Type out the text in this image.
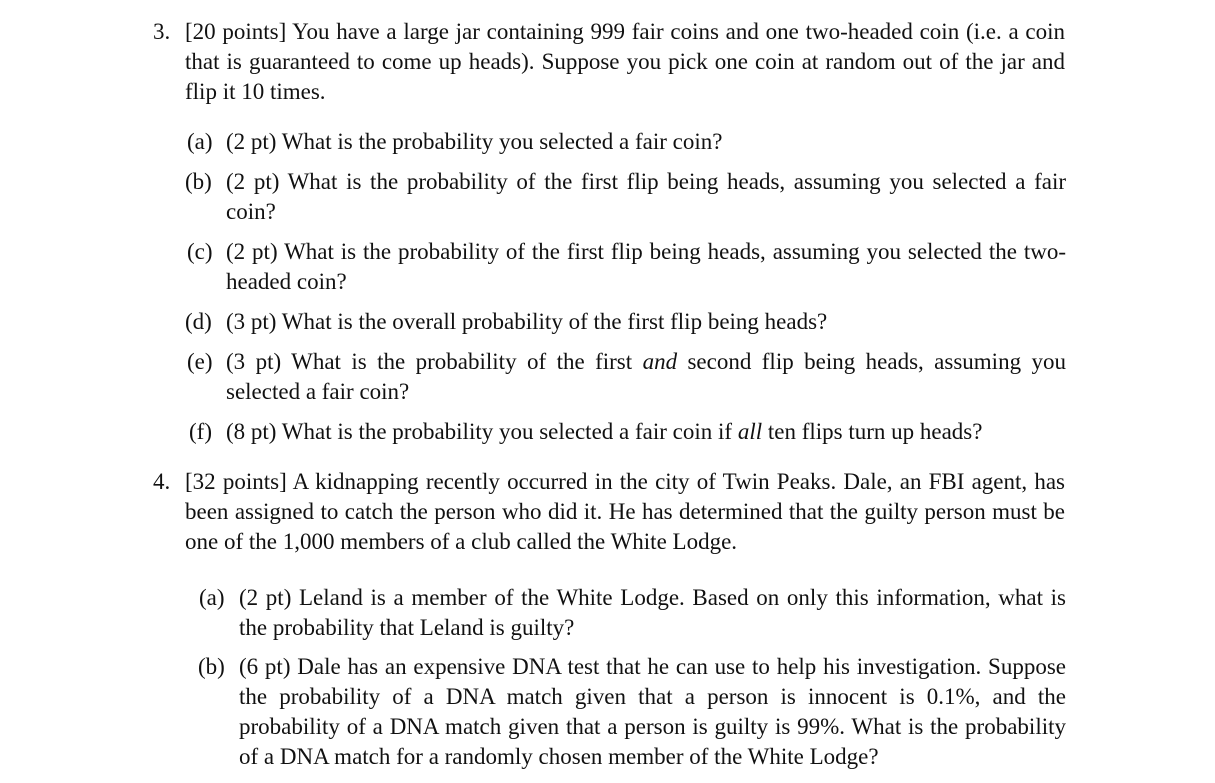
3. [20 points] You have a large jar containing 999 fair coins and one two-headed coin (i.e. a coin that is guaranteed to come up heads). Suppose you pick one coin at random out of the jar and flip it 10 times.
(a) (2 pt) What is the probability you selected a fair coin?
(b) (2 pt) What is the probability of the first flip being heads, assuming you selected a fair coin?
(c) (2 pt) What is the probability of the first flip being heads, assuming you selected the two-headed coin?
(d) (3 pt) What is the overall probability of the first flip being heads?
(e) (3 pt) What is the probability of the first and second flip being heads, assuming you selected a fair coin?
(f) (8 pt) What is the probability you selected a fair coin if all ten flips turn up heads?
4. [32 points] A kidnapping recently occurred in the city of Twin Peaks. Dale, an FBI agent, has been assigned to catch the person who did it. He has determined that the guilty person must be one of the 1,000 members of a club called the White Lodge.
(a) (2 pt) Leland is a member of the White Lodge. Based on only this information, what is the probability that Leland is guilty?
(b) (6 pt) Dale has an expensive DNA test that he can use to help his investigation. Suppose the probability of a DNA match given that a person is innocent is 0.1%, and the probability of a DNA match given that a person is guilty is 99%. What is the probability of a DNA match for a randomly chosen member of the White Lodge?
